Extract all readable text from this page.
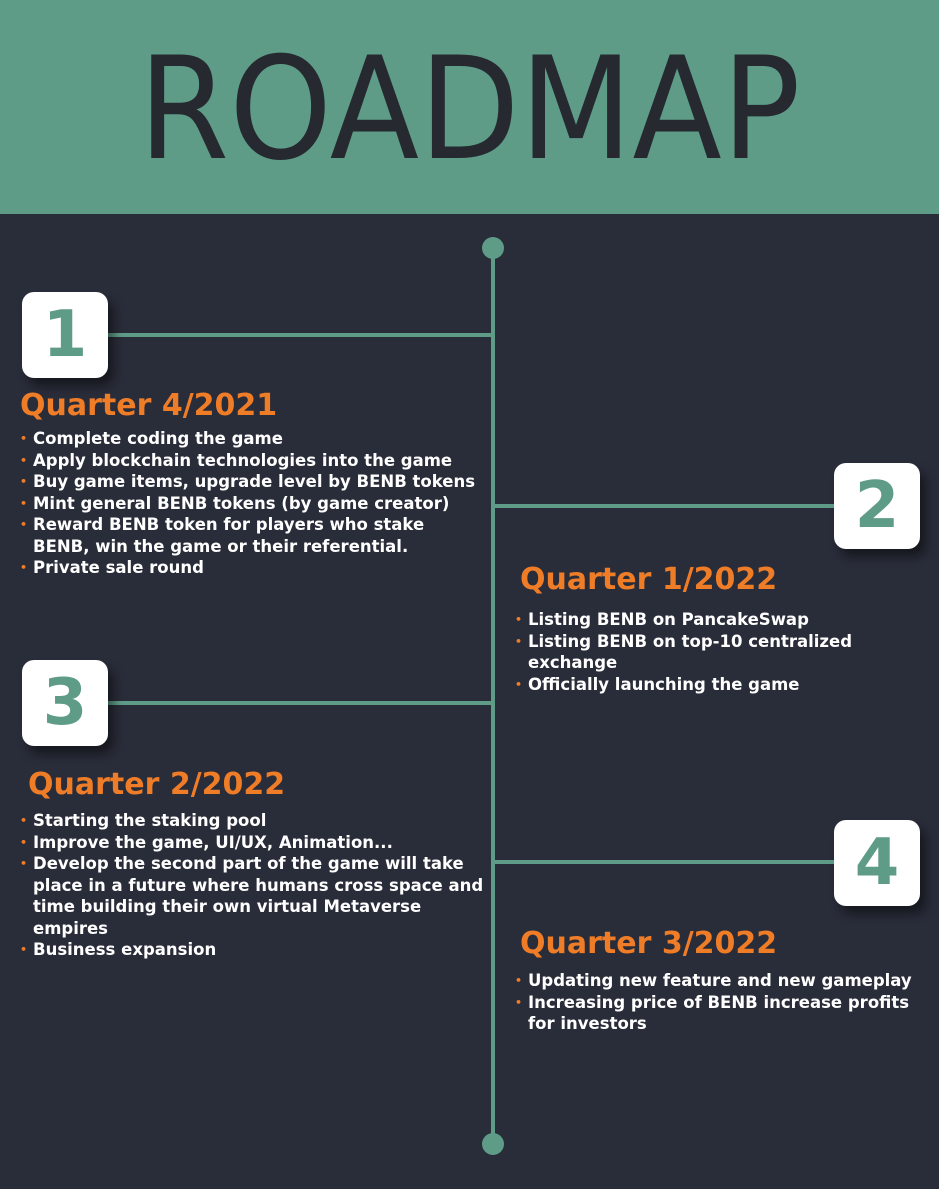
ROADMAP
1
Quarter 4/2021
• Complete coding the game
• Apply blockchain technologies into the game
• Buy game items, upgrade level by BENB tokens
• Mint general BENB tokens (by game creator)
• Reward BENB token for players who stake BENB, win the game or their referential.
• Private sale round
2
Quarter 1/2022
• Listing BENB on PancakeSwap
• Listing BENB on top-10 centralized exchange
• Officially launching the game
3
Quarter 2/2022
• Starting the staking pool
• Improve the game, UI/UX, Animation...
• Develop the second part of the game will take place in a future where humans cross space and time building their own virtual Metaverse empires
• Business expansion
4
Quarter 3/2022
• Updating new feature and new gameplay
• Increasing price of BENB increase profits for investors
